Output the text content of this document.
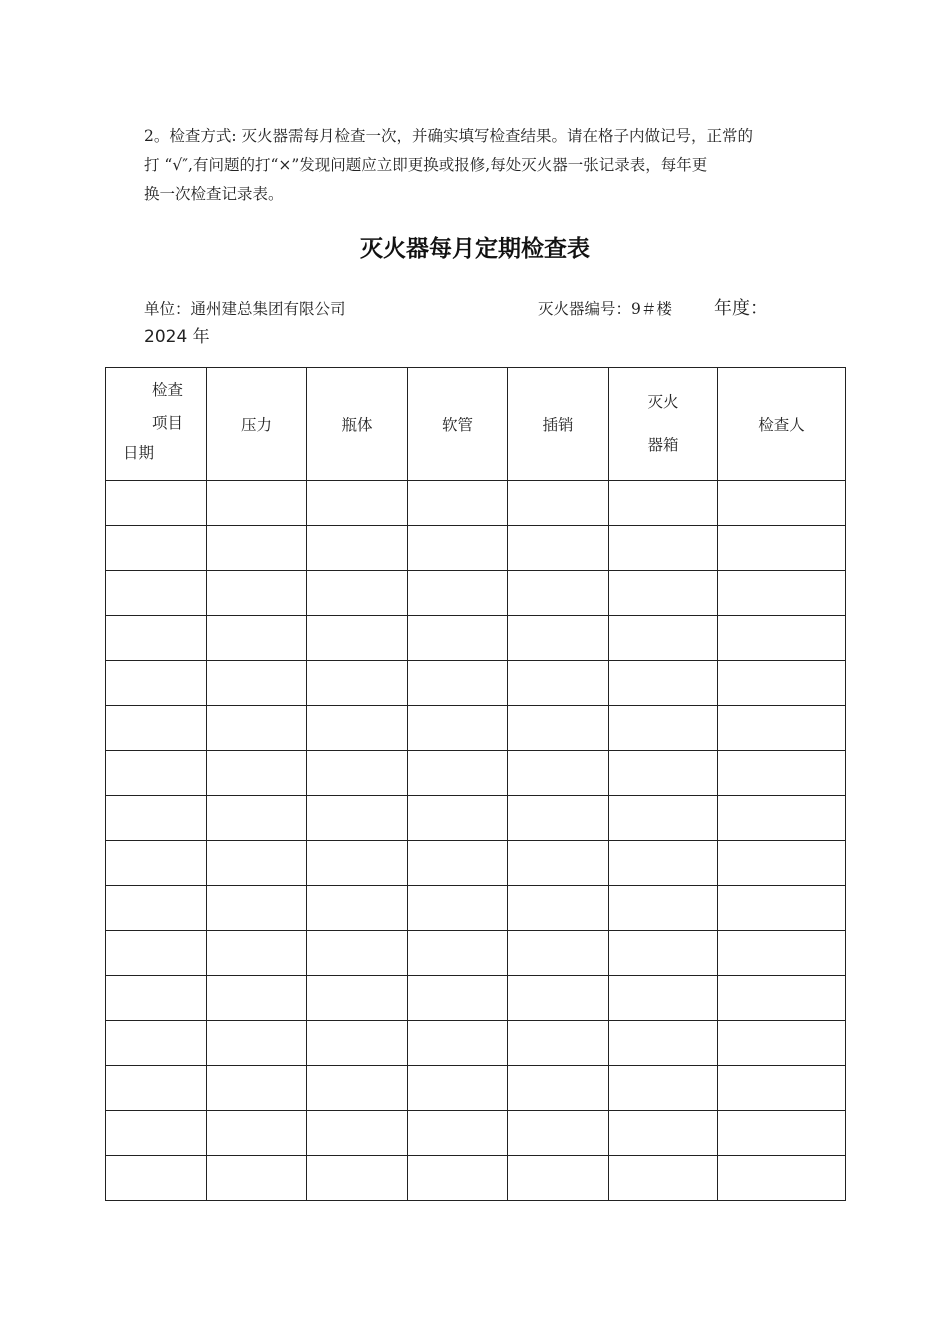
2。检查方式: 灭火器需每月检查一次，并确实填写检查结果。请在格子内做记号，正常的
打 “√″,有问题的打“×”发现问题应立即更换或报修,每处灭火器一张记录表，每年更
换一次检查记录表。
灭火器每月定期检查表
单位：通州建总集团有限公司	灭火器编号：9＃楼 年度：
2024 年
检查
项目
日期	压力	瓶体	软管	插销	灭火
器箱	检查人
